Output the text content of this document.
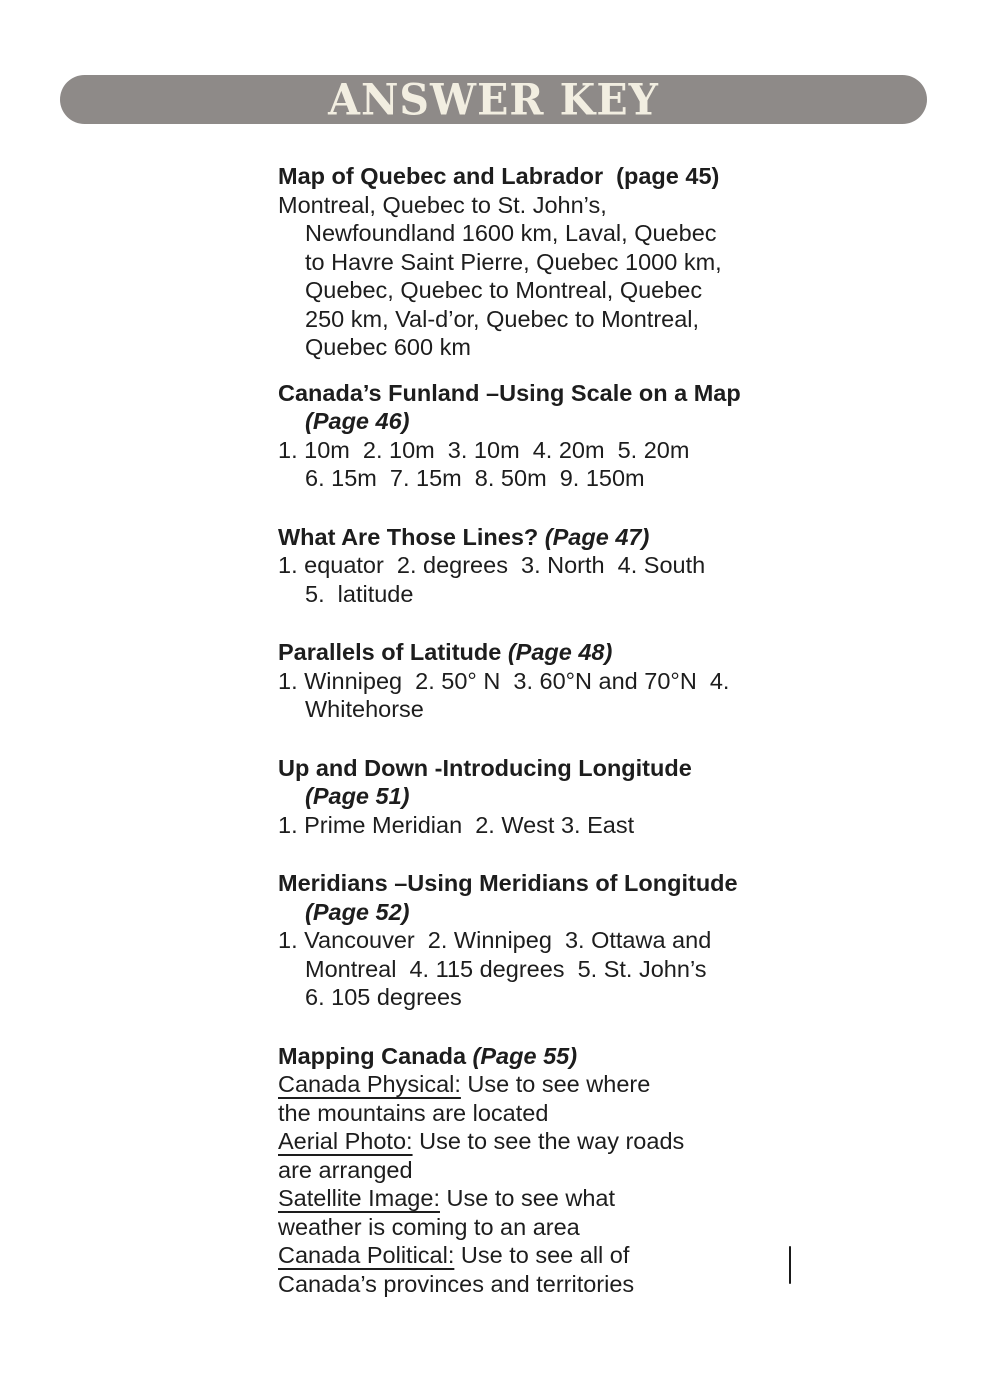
ANSWER KEY
Map of Quebec and Labrador  (page 45)
Montreal, Quebec to St. John’s,
Newfoundland 1600 km, Laval, Quebec
to Havre Saint Pierre, Quebec 1000 km,
Quebec, Quebec to Montreal, Quebec
250 km, Val-d’or, Quebec to Montreal,
Quebec 600 km
Canada’s Funland –Using Scale on a Map
(Page 46)
1. 10m  2. 10m  3. 10m  4. 20m  5. 20m
6. 15m  7. 15m  8. 50m  9. 150m
What Are Those Lines? (Page 47)
1. equator  2. degrees  3. North  4. South
5.  latitude
Parallels of Latitude (Page 48)
1. Winnipeg  2. 50° N  3. 60°N and 70°N  4.
Whitehorse
Up and Down -Introducing Longitude
(Page 51)
1. Prime Meridian  2. West 3. East
Meridians –Using Meridians of Longitude
(Page 52)
1. Vancouver  2. Winnipeg  3. Ottawa and
Montreal  4. 115 degrees  5. St. John’s
6. 105 degrees
Mapping Canada (Page 55)
Canada Physical: Use to see where
the mountains are located
Aerial Photo: Use to see the way roads
are arranged
Satellite Image: Use to see what
weather is coming to an area
Canada Political: Use to see all of
Canada’s provinces and territories
